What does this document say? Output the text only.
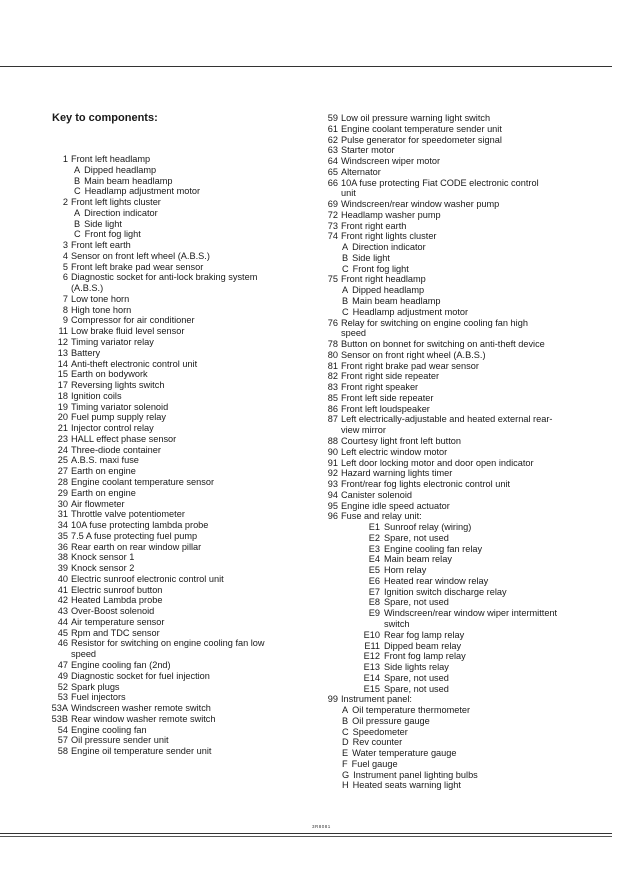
Key to components:
1 Front left headlamp
A Dipped headlamp
B Main beam headlamp
C Headlamp adjustment motor
2 Front left lights cluster
A Direction indicator
B Side light
C Front fog light
3 Front left earth
4 Sensor on front left wheel (A.B.S.)
5 Front left brake pad wear sensor
6 Diagnostic socket for anti-lock braking system
(A.B.S.)
7 Low tone horn
8 High tone horn
9 Compressor for air conditioner
11 Low brake fluid level sensor
12 Timing variator relay
13 Battery
14 Anti-theft electronic control unit
15 Earth on bodywork
17 Reversing lights switch
18 Ignition coils
19 Timing variator solenoid
20 Fuel pump supply relay
21 Injector control relay
23 HALL effect phase sensor
24 Three-diode container
25 A.B.S. maxi fuse
27 Earth on engine
28 Engine coolant temperature sensor
29 Earth on engine
30 Air flowmeter
31 Throttle valve potentiometer
34 10A fuse protecting lambda probe
35 7.5 A fuse protecting fuel pump
36 Rear earth on rear window pillar
38 Knock sensor 1
39 Knock sensor 2
40 Electric sunroof electronic control unit
41 Electric sunroof button
42 Heated Lambda probe
43 Over-Boost solenoid
44 Air temperature sensor
45 Rpm and TDC sensor
46 Resistor for switching on engine cooling fan low
speed
47 Engine cooling fan (2nd)
49 Diagnostic socket for fuel injection
52 Spark plugs
53 Fuel injectors
53A Windscreen washer remote switch
53B Rear window washer remote switch
54 Engine cooling fan
57 Oil pressure sender unit
58 Engine oil temperature sender unit
59 Low oil pressure warning light switch
61 Engine coolant temperature sender unit
62 Pulse generator for speedometer signal
63 Starter motor
64 Windscreen wiper motor
65 Alternator
66 10A fuse protecting Fiat CODE electronic control
unit
69 Windscreen/rear window washer pump
72 Headlamp washer pump
73 Front right earth
74 Front right lights cluster
A Direction indicator
B Side light
C Front fog light
75 Front right headlamp
A Dipped headlamp
B Main beam headlamp
C Headlamp adjustment motor
76 Relay for switching on engine cooling fan high
speed
78 Button on bonnet for switching on anti-theft device
80 Sensor on front right wheel (A.B.S.)
81 Front right brake pad wear sensor
82 Front right side repeater
83 Front right speaker
85 Front left side repeater
86 Front left loudspeaker
87 Left electrically-adjustable and heated external rear-
view mirror
88 Courtesy light front left button
90 Left electric window motor
91 Left door locking motor and door open indicator
92 Hazard warning lights timer
93 Front/rear fog lights electronic control unit
94 Canister solenoid
95 Engine idle speed actuator
96 Fuse and relay unit:
E1 Sunroof relay (wiring)
E2 Spare, not used
E3 Engine cooling fan relay
E4 Main beam relay
E5 Horn relay
E6 Heated rear window relay
E7 Ignition switch discharge relay
E8 Spare, not used
E9 Windscreen/rear window wiper intermittent
switch
E10 Rear fog lamp relay
E11 Dipped beam relay
E12 Front fog lamp relay
E13 Side lights relay
E14 Spare, not used
E15 Spare, not used
99 Instrument panel:
A Oil temperature thermometer
B Oil pressure gauge
C Speedometer
D Rev counter
E Water temperature gauge
F Fuel gauge
G Instrument panel lighting bulbs
H Heated seats warning light
3R8081
